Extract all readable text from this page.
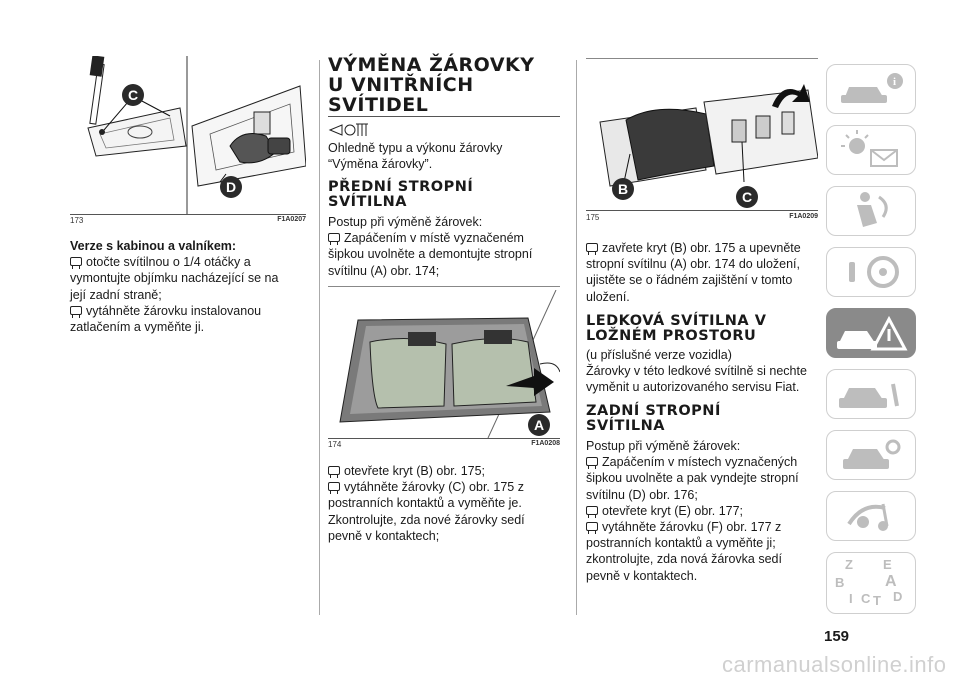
C
D
173	F1A0207
Verze s kabinou a valníkem:
otočte svítilnou o 1/4 otáčky a
vymontujte objímku nacházející se na
její zadní straně;
vytáhněte žárovku instalovanou
zatlačením a vyměňte ji.
VÝMĚNA ŽÁROVKY
U VNITŘNÍCH
SVÍTIDEL
Ohledně typu a výkonu žárovky
“Výměna žárovky”.
PŘEDNÍ STROPNÍ
SVÍTILNA
Postup při výměně žárovek:
Zapáčením v místě vyznačeném
šipkou uvolněte a demontujte stropní
svítilnu (A) obr. 174;
A
174	F1A0208
otevřete kryt (B) obr. 175;
vytáhněte žárovky (C) obr. 175 z
postranních kontaktů a vyměňte je.
Zkontrolujte, zda nové žárovky sedí
pevně v kontaktech;
B	C
175	F1A0209
zavřete kryt (B) obr. 175 a upevněte
stropní svítilnu (A) obr. 174 do uložení,
ujistěte se o řádném zajištění v tomto
uložení.
LEDKOVÁ SVÍTILNA V
LOŽNÉM PROSTORU
(u příslušné verze vozidla)
Žárovky v této ledkové svítilně si nechte
vyměnit u autorizovaného servisu Fiat.
ZADNÍ STROPNÍ
SVÍTILNA
Postup při výměně žárovek:
Zapáčením v místech vyznačených
šipkou uvolněte a pak vyndejte stropní
svítilnu (D) obr. 176;
otevřete kryt (E) obr. 177;
vytáhněte žárovku (F) obr. 177 z
postranních kontaktů a vyměňte ji;
zkontrolujte, zda nová žárovka sedí
pevně v kontaktech.
i
Z E
B	A
I C T D
159
carmanualsonline.info
